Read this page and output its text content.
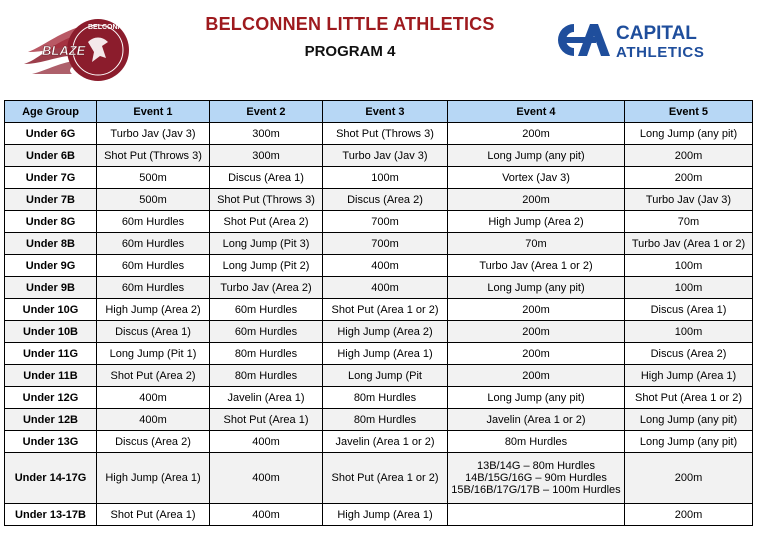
BELCONNEN
BLAZE
BELCONNEN LITTLE ATHLETICS
PROGRAM 4
CAPITAL
ATHLETICS
Age Group	Event 1	Event 2	Event 3	Event 4	Event 5
Under 6G	Turbo Jav (Jav 3)	300m	Shot Put (Throws 3)	200m	Long Jump (any pit)
Under 6B	Shot Put (Throws 3)	300m	Turbo Jav (Jav 3)	Long Jump (any pit)	200m
Under 7G	500m	Discus (Area 1)	100m	Vortex (Jav 3)	200m
Under 7B	500m	Shot Put (Throws 3)	Discus (Area 2)	200m	Turbo Jav (Jav 3)
Under 8G	60m Hurdles	Shot Put (Area 2)	700m	High Jump (Area 2)	70m
Under 8B	60m Hurdles	Long Jump (Pit 3)	700m	70m	Turbo Jav (Area 1 or 2)
Under 9G	60m Hurdles	Long Jump (Pit 2)	400m	Turbo Jav (Area 1 or 2)	100m
Under 9B	60m Hurdles	Turbo Jav (Area 2)	400m	Long Jump (any pit)	100m
Under 10G	High Jump (Area 2)	60m Hurdles	Shot Put (Area 1 or 2)	200m	Discus (Area 1)
Under 10B	Discus (Area 1)	60m Hurdles	High Jump (Area 2)	200m	100m
Under 11G	Long Jump (Pit 1)	80m Hurdles	High Jump (Area 1)	200m	Discus (Area 2)
Under 11B	Shot Put (Area 2)	80m Hurdles	Long Jump (Pit	200m	High Jump (Area 1)
Under 12G	400m	Javelin (Area 1)	80m Hurdles	Long Jump (any pit)	Shot Put (Area 1 or 2)
Under 12B	400m	Shot Put (Area 1)	80m Hurdles	Javelin (Area 1 or 2)	Long Jump (any pit)
Under 13G	Discus (Area 2)	400m	Javelin (Area 1 or 2)	80m Hurdles	Long Jump (any pit)
Under 14-17G	High Jump (Area 1)	400m	Shot Put (Area 1 or 2)	13B/14G – 80m Hurdles
14B/15G/16G – 90m Hurdles
15B/16B/17G/17B – 100m Hurdles	200m
Under 13-17B	Shot Put (Area 1)	400m	High Jump (Area 1)		200m
